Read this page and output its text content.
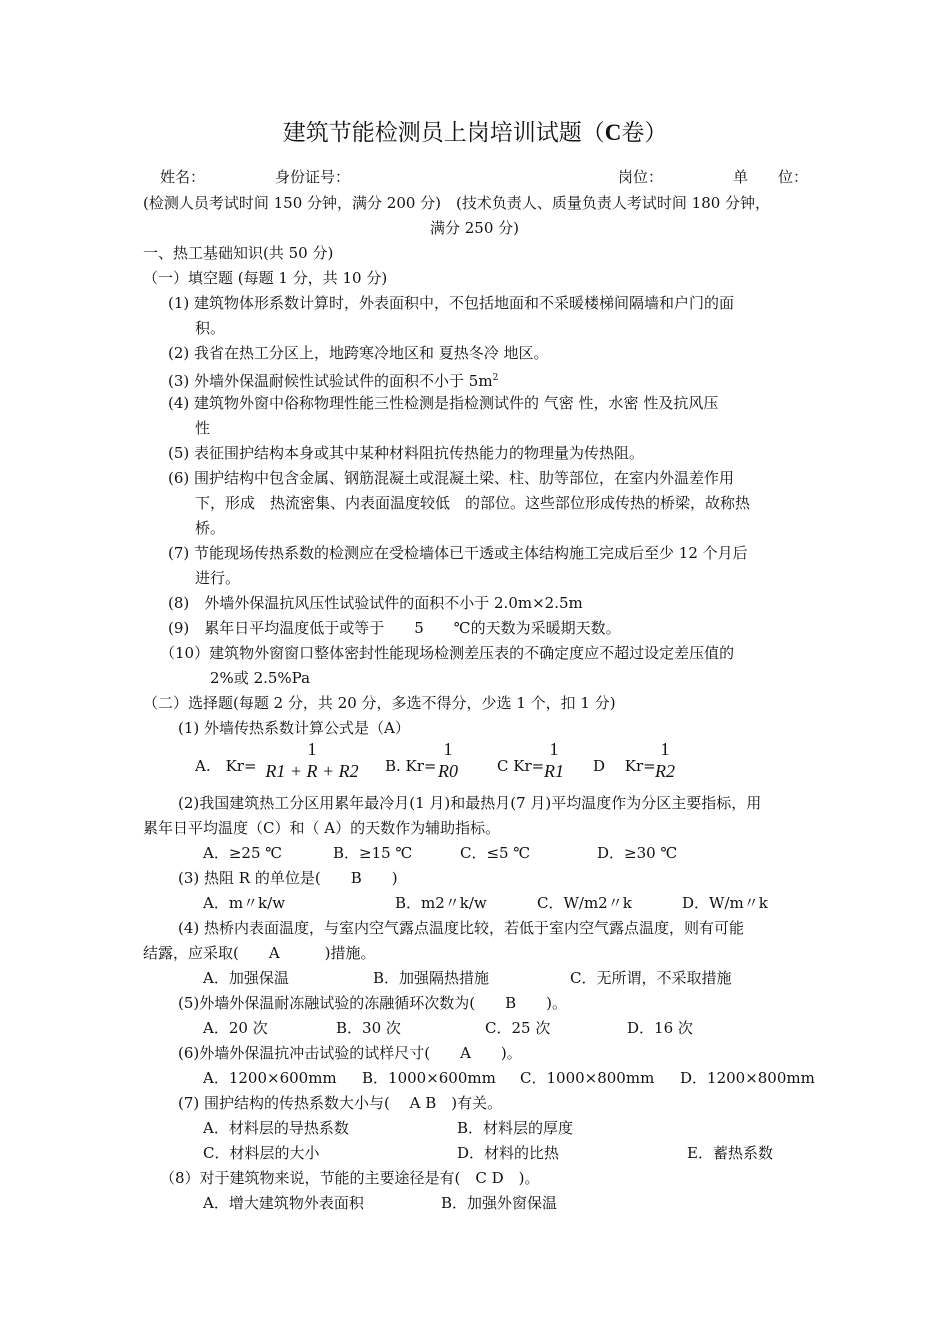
建筑节能检测员上岗培训试题（C卷）
姓名：	身份证号：	岗位：	单　　位：
(检测人员考试时间 150 分钟，满分 200 分)　(技术负责人、质量负责人考试时间 180 分钟，
满分 250 分)
一、热工基础知识(共 50 分)
（一）填空题 (每题 1 分，共 10 分)
(1) 建筑物体形系数计算时，外表面积中，不包括地面和不采暖楼梯间隔墙和户门的面
积。
(2) 我省在热工分区上，地跨寒冷地区和 夏热冬冷 地区。
(3) 外墙外保温耐候性试验试件的面积不小于 $5m^2$
(4) 建筑物外窗中俗称物理性能三性检测是指检测试件的 气密 性，水密 性及抗风压
性
(5) 表征围护结构本身或其中某种材料阻抗传热能力的物理量为传热阻。
(6) 围护结构中包含金属、钢筋混凝土或混凝土梁、柱、肋等部位，在室内外温差作用
下，形成　热流密集、内表面温度较低　的部位。这些部位形成传热的桥梁，故称热
桥。
(7) 节能现场传热系数的检测应在受检墙体已干透或主体结构施工完成后至少 12 个月后
进行。
(8)　外墙外保温抗风压性试验试件的面积不小于 2.0m×2.5m
(9)　累年日平均温度低于或等于　　5　　℃的天数为采暖期天数。
（10）建筑物外窗窗口整体密封性能现场检测差压表的不确定度应不超过设定差压值的
2%或 2.5%Pa
（二）选择题(每题 2 分，共 20 分，多选不得分，少选 1 个，扣 1 分)
(1) 外墙传热系数计算公式是（A）
A.　Kr=
1
R1 + R + R2 B. Kr=
1
R0	C Kr=
1
R1	D　 Kr=
1
R2
(2)我国建筑热工分区用累年最冷月(1 月)和最热月(7 月)平均温度作为分区主要指标，用
累年日平均温度（C）和（ A）的天数作为辅助指标。
A．≥25 ℃	B．≥15 ℃	C．≤5 ℃	D．≥30 ℃
(3) 热阻 R 的单位是(　　B　　)
A．m〃k/w	B．m2〃k/w	C．W/m2〃k	D．W/m〃k
(4) 热桥内表面温度，与室内空气露点温度比较，若低于室内空气露点温度，则有可能
结露，应采取(　　A　　　)措施。
A．加强保温	B．加强隔热措施	C．无所谓，不采取措施
(5)外墙外保温耐冻融试验的冻融循环次数为(　　B　　)。
A．20 次	B．30 次	C．25 次	D．16 次
(6)外墙外保温抗冲击试验的试样尺寸(　　A　　)。
A．1200×600mm B．1000×600mm C．1000×800mm D．1200×800mm
(7) 围护结构的传热系数大小与(　 A B　)有关。
A．材料层的导热系数	B．材料层的厚度
C．材料层的大小	D．材料的比热	E．蓄热系数
（8）对于建筑物来说，节能的主要途径是有(　C D　)。
A．增大建筑物外表面积	B．加强外窗保温
